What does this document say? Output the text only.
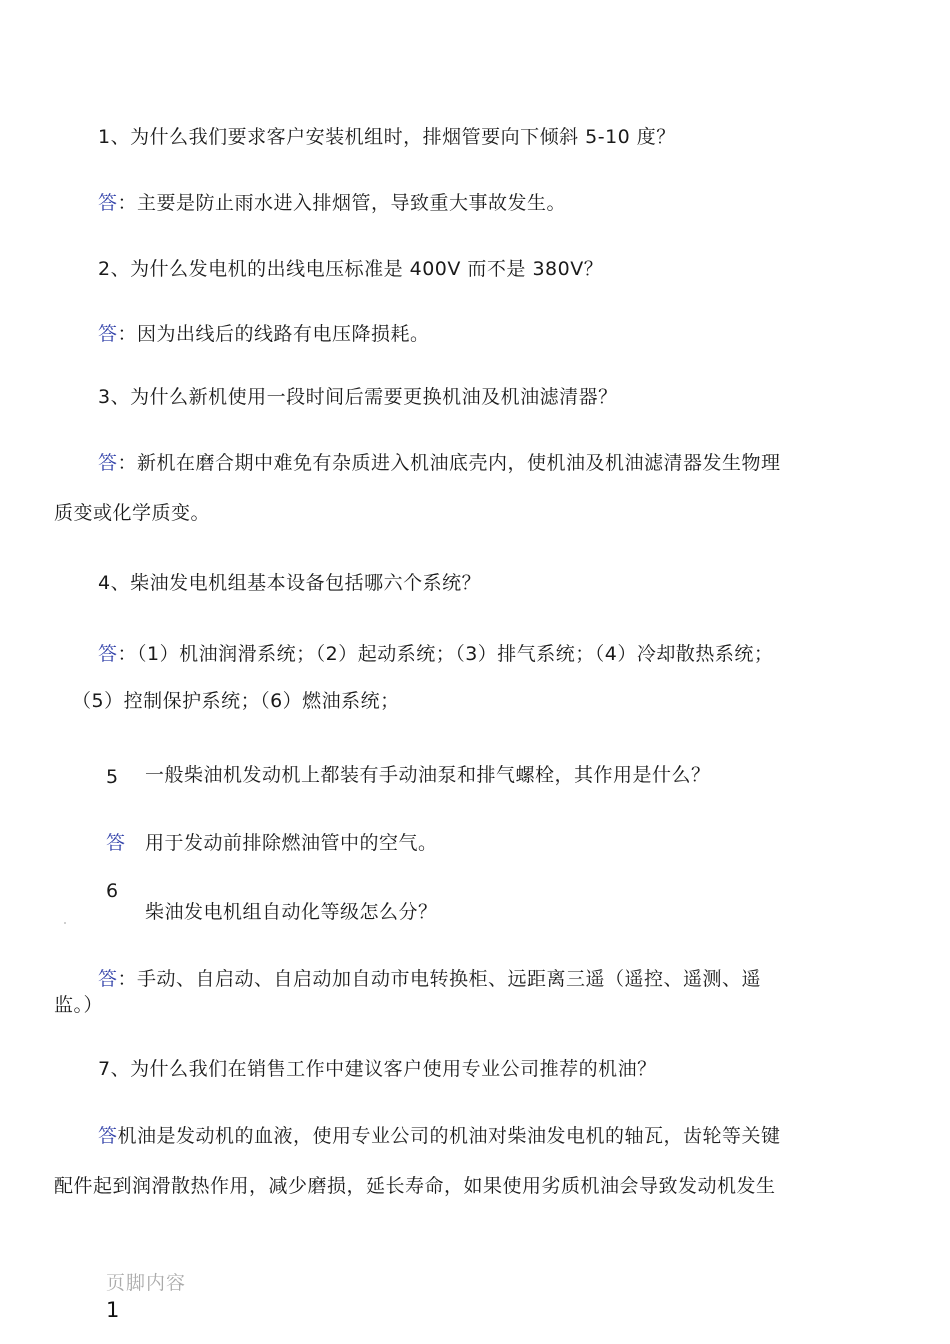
1、为什么我们要求客户安装机组时，排烟管要向下倾斜 5-10 度？
答：主要是防止雨水进入排烟管，导致重大事故发生。
2、为什么发电机的出线电压标准是 400V 而不是 380V？
答：因为出线后的线路有电压降损耗。
3、为什么新机使用一段时间后需要更换机油及机油滤清器？
答：新机在磨合期中难免有杂质进入机油底壳内，使机油及机油滤清器发生物理
质变或化学质变。
4、柴油发电机组基本设备包括哪六个系统？
答：（1）机油润滑系统；（2）起动系统；（3）排气系统；（4）冷却散热系统；
（5）控制保护系统；（6）燃油系统；
5 一般柴油机发动机上都装有手动油泵和排气螺栓，其作用是什么？
答 用于发动前排除燃油管中的空气。
6
柴油发电机组自动化等级怎么分？
答：手动、自启动、自启动加自动市电转换柜、远距离三遥（遥控、遥测、遥
监。）
7、为什么我们在销售工作中建议客户使用专业公司推荐的机油？
答机油是发动机的血液，使用专业公司的机油对柴油发电机的轴瓦，齿轮等关键
配件起到润滑散热作用，减少磨损，延长寿命，如果使用劣质机油会导致发动机发生
页脚内容
1
